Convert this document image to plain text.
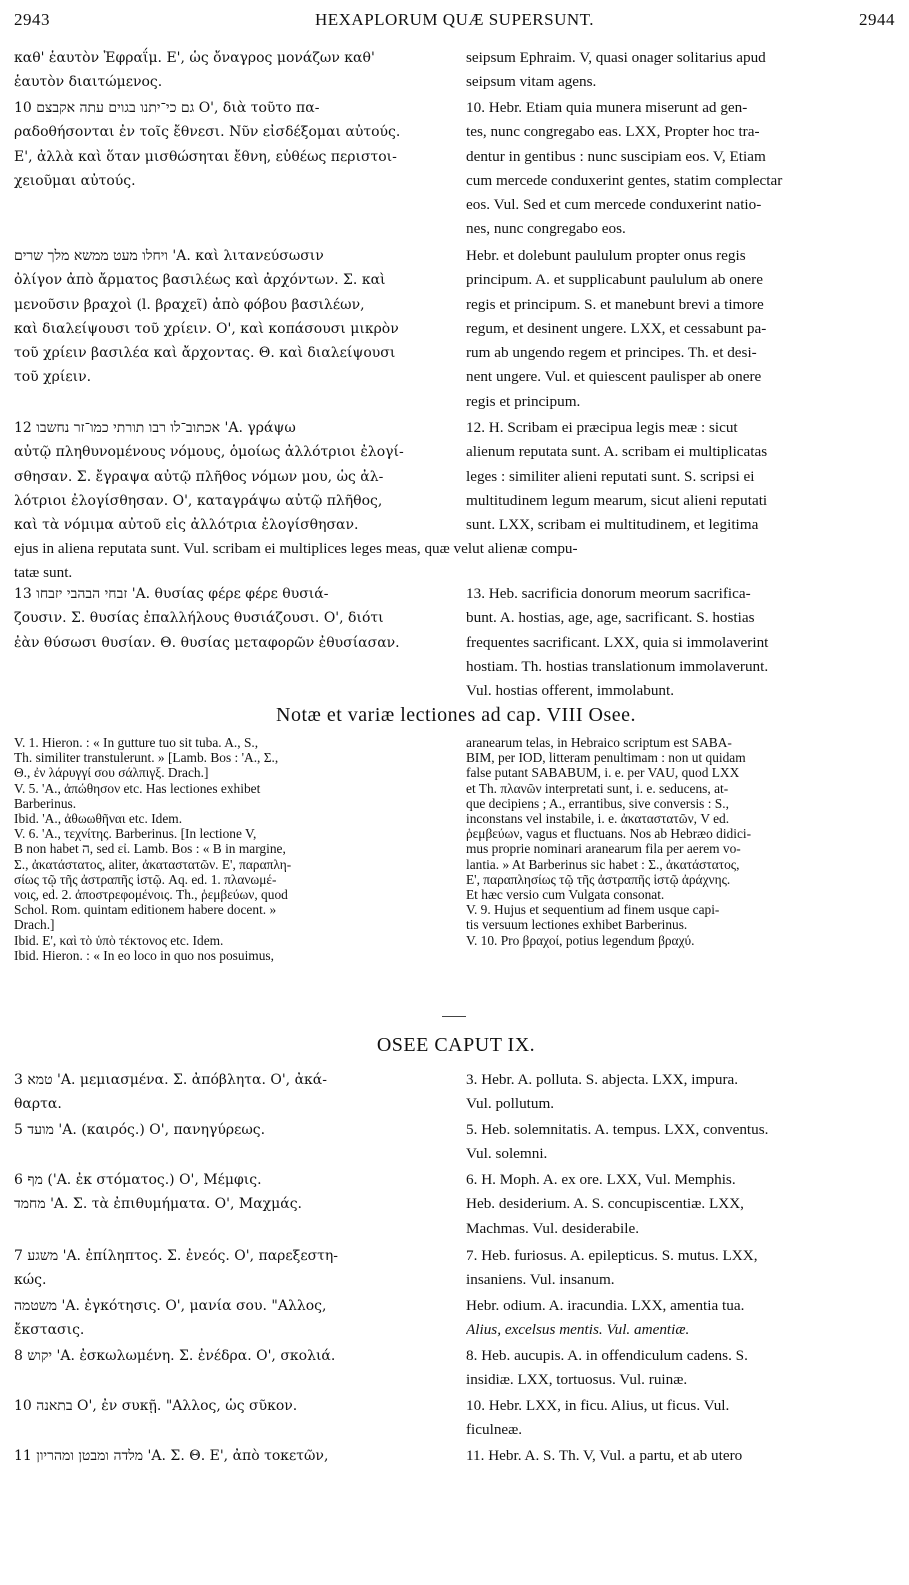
2943	HEXAPLORUM QUÆ SUPERSUNT.	2944
καθ' ἑαυτὸν Ἐφραΐμ. Ε', ὡς ὄναγρος μονάζων καθ'
ἑαυτὸν διαιτώμενος.
seipsum Ephraim. V, quasi onager solitarius apud
seipsum vitam agens.
גם כי־יתנו בגוים עתה אקבצם 10 Ο', διὰ τοῦτο πα-
ραδοθήσονται ἐν τοῖς ἔθνεσι. Νῦν εἰσδέξομαι αὐτούς.
Ε', ἀλλὰ καὶ ὅταν μισθώσηται ἔθνη, εὐθέως περιστοι-
χειοῦμαι αὐτούς.
10. Hebr. Etiam quia munera miserunt ad gen-
tes, nunc congregabo eas. LXX, Propter hoc tra-
dentur in gentibus : nunc suscipiam eos. V, Etiam
cum mercede conduxerint gentes, statim complectar
eos. Vul. Sed et cum mercede conduxerint natio-
nes, nunc congregabo eos.
ויחלו מעט ממשא מלך שרים 'Α. καὶ λιτανεύσωσιν
ὀλίγον ἀπὸ ἄρματος βασιλέως καὶ ἀρχόντων. Σ. καὶ
μενοῦσιν βραχοὶ (l. βραχεῖ) ἀπὸ φόβου βασιλέων,
καὶ διαλείψουσι τοῦ χρίειν. Ο', καὶ κοπάσουσι μικρὸν
τοῦ χρίειν βασιλέα καὶ ἄρχοντας. Θ. καὶ διαλείψουσι
τοῦ χρίειν.
Hebr. et dolebunt paululum propter onus regis
principum. A. et supplicabunt paululum ab onere
regis et principum. S. et manebunt brevi a timore
regum, et desinent ungere. LXX, et cessabunt pa-
rum ab ungendo regem et principes. Th. et desi-
nent ungere. Vul. et quiescent paulisper ab onere
regis et principum.
אכתוב־לו רבו תורתי כמו־זר נחשבו 12 'Α. γράψω
αὐτῷ πληθυνομένους νόμους, ὁμοίως ἀλλότριοι ἐλογί-
σθησαν. Σ. ἔγραψα αὐτῷ πλῆθος νόμων μου, ὡς ἀλ-
λότριοι ἐλογίσθησαν. Ο', καταγράψω αὐτῷ πλῆθος,
καὶ τὰ νόμιμα αὐτοῦ εἰς ἀλλότρια ἐλογίσθησαν.
12. H. Scribam ei præcipua legis meæ : sicut
alienum reputata sunt. A. scribam ei multiplicatas
leges : similiter alieni reputati sunt. S. scripsi ei
multitudinem legum mearum, sicut alieni reputati
sunt. LXX, scribam ei multitudinem, et legitima
ejus in aliena reputata sunt. Vul. scribam ei multiplices leges meas, quæ velut alienæ compu-
tatæ sunt.
זבחי הבהבי יזבחו 13 'Α. θυσίας φέρε φέρε θυσιά-
ζουσιν. Σ. θυσίας ἐπαλλήλους θυσιάζουσι. Ο', διότι
ἐὰν θύσωσι θυσίαν. Θ. θυσίας μεταφορῶν ἐθυσίασαν.
13. Heb. sacrificia donorum meorum sacrifica-
bunt. A. hostias, age, age, sacrificant. S. hostias
frequentes sacrificant. LXX, quia si immolaverint
hostiam. Th. hostias translationum immolaverunt.
Vul. hostias offerent, immolabunt.
Notæ et variæ lectiones ad cap. VIII Osee.
V. 1. Hieron. : « In gutture tuo sit tuba. A., S.,
Th. similiter transtulerunt. » [Lamb. Bos : 'Α., Σ.,
Θ., ἐν λάρυγγί σου σάλπιγξ. Drach.]
V. 5. 'Α., ἀπώθησον etc. Has lectiones exhibet
Barberinus.
Ibid. 'Α., ἀθωωθῆναι etc. Idem.
V. 6. 'Α., τεχνίτης. Barberinus. [In lectione V,
B non habet ה, sed εἰ. Lamb. Bos : « B in margine,
Σ., ἀκατάστατος, aliter, ἀκαταστατῶν. Ε', παραπλη-
σίως τῷ τῆς ἀστραπῆς ἱστῷ. Aq. ed. 1. πλανωμέ-
νοις, ed. 2. ἀποστρεφομένοις. Th., ῥεμβεύων, quod
Schol. Rom. quintam editionem habere docent. »
Drach.]
Ibid. Ε', καὶ τὸ ὑπὸ τέκτονος etc. Idem.
Ibid. Hieron. : « In eo loco in quo nos posuimus,
aranearum telas, in Hebraico scriptum est SABA-
BIM, per IOD, litteram penultimam : non ut quidam
false putant SABABUM, i. e. per VAU, quod LXX
et Th. πλανῶν interpretati sunt, i. e. seducens, at-
que decipiens ; A., errantibus, sive conversis : S.,
inconstans vel instabile, i. e. ἀκαταστατῶν, V ed.
ῥεμβεύων, vagus et fluctuans. Nos ab Hebræo didici-
mus proprie nominari aranearum fila per aerem vo-
lantia. » At Barberinus sic habet : Σ., ἀκατάστατος,
Ε', παραπλησίως τῷ τῆς ἀστραπῆς ἱστῷ ἀράχνης.
Et hæc versio cum Vulgata consonat.
V. 9. Hujus et sequentium ad finem usque capi-
tis versuum lectiones exhibet Barberinus.
V. 10. Pro βραχοί, potius legendum βραχύ.
OSEE CAPUT IX.
טמא 3 'Α. μεμιασμένα. Σ. ἀπόβλητα. Ο', ἀκά-
θαρτα.
3. Hebr. A. polluta. S. abjecta. LXX, impura.
Vul. pollutum.
מועד 5 'Α. (καιρός.) Ο', πανηγύρεως.	5. Heb. solemnitatis. A. tempus. LXX, conventus.
Vul. solemni.
מף 6 ('Α. ἐκ στόματος.) Ο', Μέμφις.
מחמד 'Α. Σ. τὰ ἐπιθυμήματα. Ο', Μαχμάς.
6. H. Moph. A. ex ore. LXX, Vul. Memphis.
Heb. desiderium. A. S. concupiscentiæ. LXX,
Machmas. Vul. desiderabile.
משגע 7 'Α. ἐπίληπτος. Σ. ἐνεός. Ο', παρεξεστη-
κώς.
7. Heb. furiosus. A. epilepticus. S. mutus. LXX,
insaniens. Vul. insanum.
משטמה 'Α. ἐγκότησις. Ο', μανία σου. "Αλλος,
ἔκστασις.
Hebr. odium. A. iracundia. LXX, amentia tua.
Alius, excelsus mentis. Vul. amentiæ.
יקוש 8 'Α. ἐσκωλωμένη. Σ. ἐνέδρα. Ο', σκολιά.	8. Heb. aucupis. A. in offendiculum cadens. S.
insidiæ. LXX, tortuosus. Vul. ruinæ.
בתאנה 10 Ο', ἐν συκῇ. "Αλλος, ὡς σῦκον.	10. Hebr. LXX, in ficu. Alius, ut ficus. Vul.
ficulneæ.
מלדה ומבטן ומהריון 11 'Α. Σ. Θ. Ε', ἀπὸ τοκετῶν,	11. Hebr. A. S. Th. V, Vul. a partu, et ab utero
